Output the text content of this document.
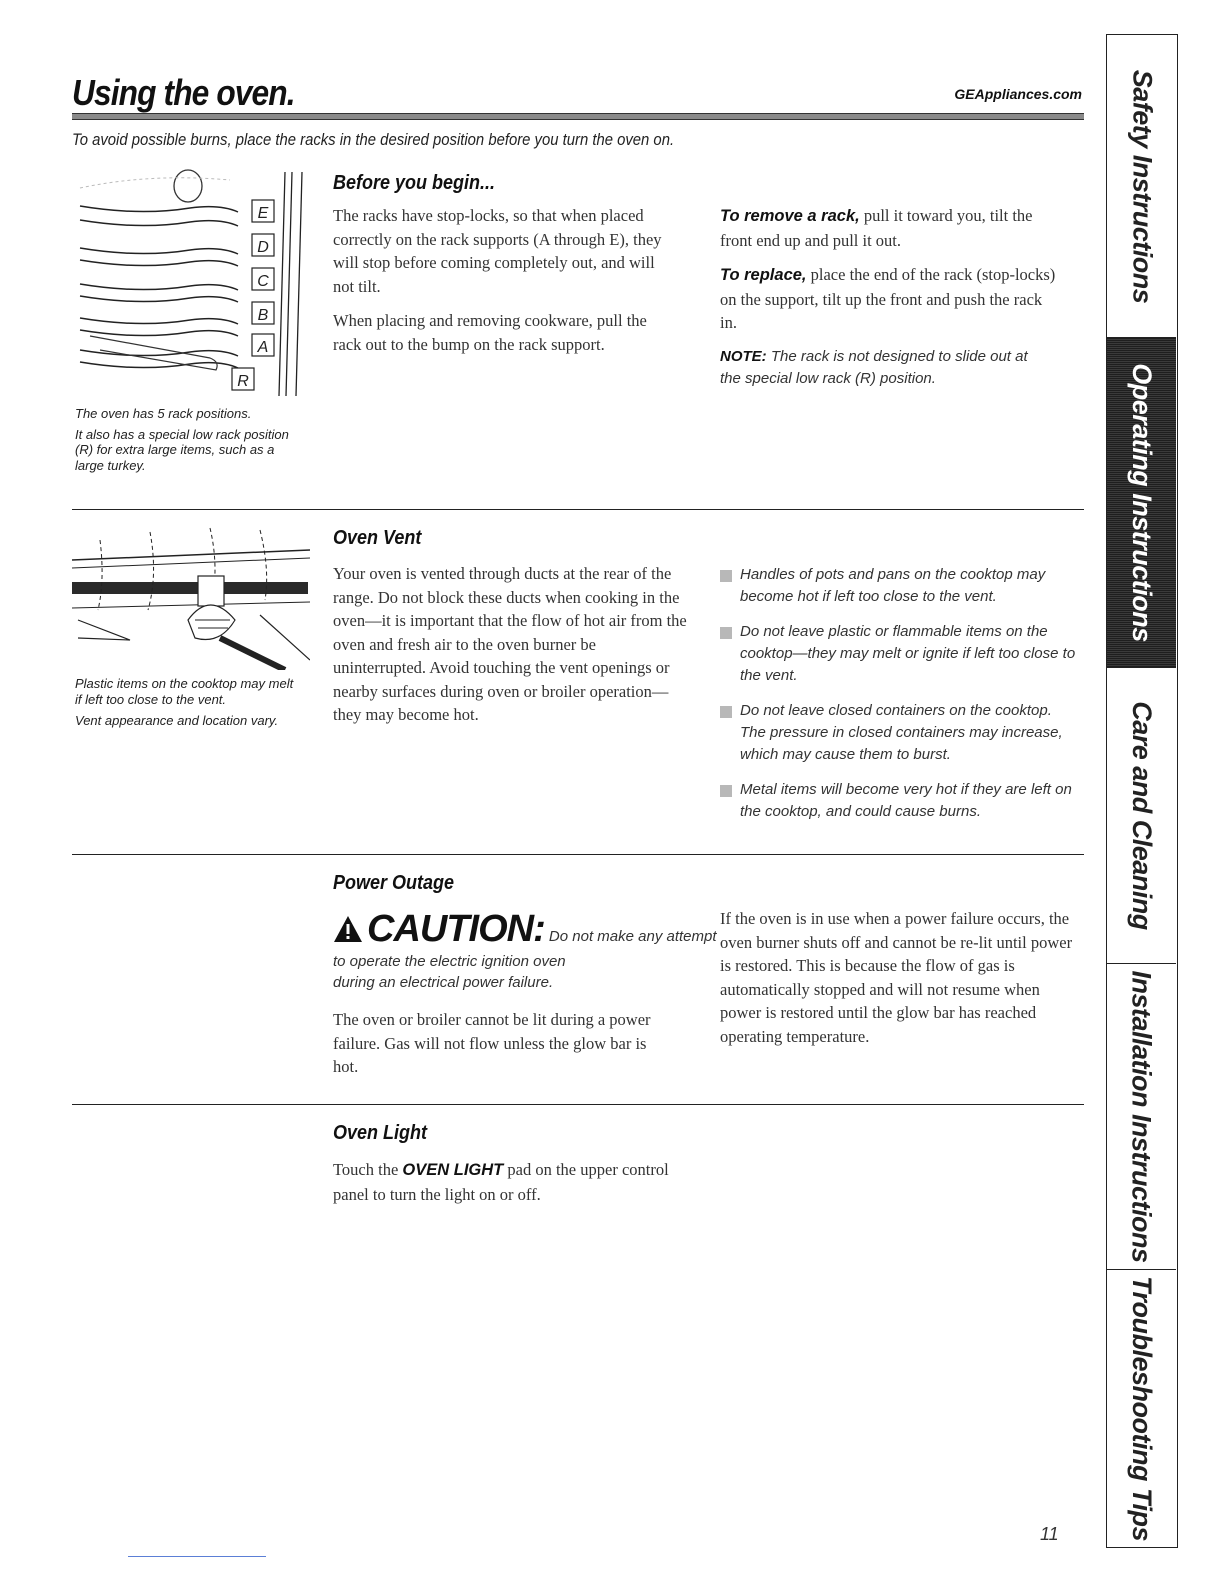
Using the oven.	GEAppliances.com
To avoid possible burns, place the racks in the desired position before you turn the oven on.
E
D
C
B
A
R

The oven has 5 rack positions.

It also has a special low rack position (R) for extra large items, such as a large turkey.

Before you begin...

The racks have stop-locks, so that when placed correctly on the rack supports (A through E), they will stop before coming completely out, and will not tilt.

When placing and removing cookware, pull the rack out to the bump on the rack support.

To remove a rack, pull it toward you, tilt the front end up and pull it out.

To replace, place the end of the rack (stop-locks) on the support, tilt up the front and push the rack in.

NOTE: The rack is not designed to slide out at the special low rack (R) position.

Plastic items on the cooktop may melt if left too close to the vent.

Vent appearance and location vary.

Oven Vent

Your oven is vented through ducts at the rear of the range. Do not block these ducts when cooking in the oven—it is important that the flow of hot air from the oven and fresh air to the oven burner be uninterrupted. Avoid touching the vent openings or nearby surfaces during oven or broiler operation—they may become hot.

Handles of pots and pans on the cooktop may become hot if left too close to the vent.
Do not leave plastic or flammable items on the cooktop—they may melt or ignite if left too close to the vent.
Do not leave closed containers on the cooktop. The pressure in closed containers may increase, which may cause them to burst.
Metal items will become very hot if they are left on the cooktop, and could cause burns.
Power Outage
CAUTION: Do not make any attempt
to operate the electric ignition oven
during an electrical power failure.

The oven or broiler cannot be lit during a power failure. Gas will not flow unless the glow bar is hot.

If the oven is in use when a power failure occurs, the oven burner shuts off and cannot be re-lit until power is restored. This is because the flow of gas is automatically stopped and will not resume when power is restored until the glow bar has reached operating temperature.

Oven Light

Touch the OVEN LIGHT pad on the upper control panel to turn the light on or off.

Safety Instructions
Operating Instructions
Care and Cleaning
Installation Instructions
Troubleshooting Tips
11
